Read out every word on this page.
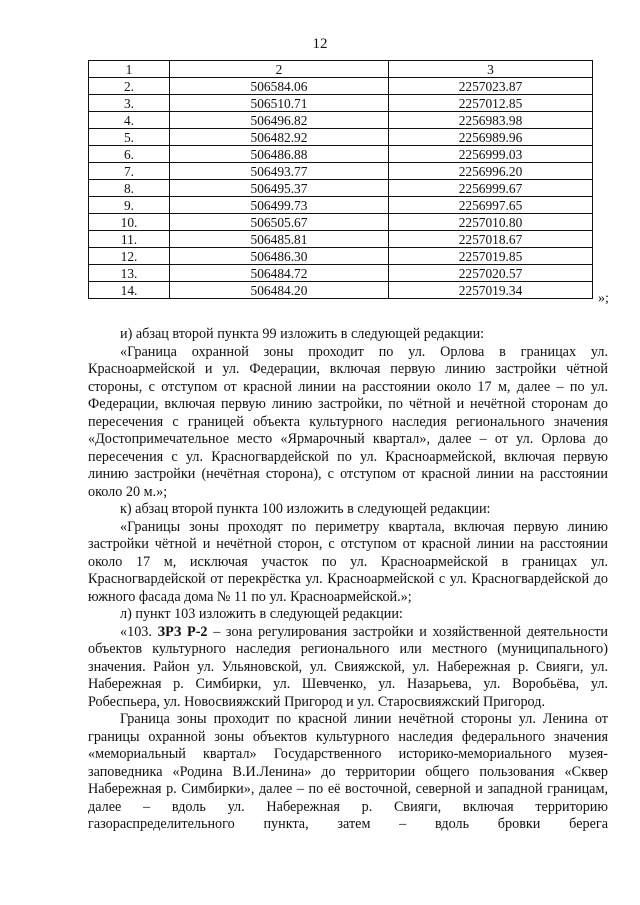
12
1	2	3
2.	506584.06	2257023.87
3.	506510.71	2257012.85
4.	506496.82	2256983.98
5.	506482.92	2256989.96
6.	506486.88	2256999.03
7.	506493.77	2256996.20
8.	506495.37	2256999.67
9.	506499.73	2256997.65
10.	506505.67	2257010.80
11.	506485.81	2257018.67
12.	506486.30	2257019.85
13.	506484.72	2257020.57
14.	506484.20	2257019.34
»;

и) абзац второй пункта 99 изложить в следующей редакции:

«Граница охранной зоны проходит по ул. Орлова в границах ул. Красноармейской и ул. Федерации, включая первую линию застройки чётной стороны, с отступом от красной линии на расстоянии около 17 м, далее – по ул. Федерации, включая первую линию застройки, по чётной и нечётной сторонам до пересечения с границей объекта культурного наследия регионального значения «Достопримечательное место «Ярмарочный квартал», далее – от ул. Орлова до пересечения с ул. Красногвардейской по ул. Красноармейской, включая первую линию застройки (нечётная сторона), с отступом от красной линии на расстоянии около 20 м.»;

к) абзац второй пункта 100 изложить в следующей редакции:

«Границы зоны проходят по периметру квартала, включая первую линию застройки чётной и нечётной сторон, с отступом от красной линии на расстоянии около 17 м, исключая участок по ул. Красноармейской в границах ул. Красногвардейской от перекрёстка ул. Красноармейской с ул. Красногвардейской до южного фасада дома № 11 по ул. Красноармейской.»;

л) пункт 103 изложить в следующей редакции:

«103. ЗРЗ Р-2 – зона регулирования застройки и хозяйственной деятельности объектов культурного наследия регионального или местного (муниципального) значения. Район ул. Ульяновской, ул. Свияжской, ул. Набережная р. Свияги, ул. Набережная р. Симбирки, ул. Шевченко, ул. Назарьева, ул. Воробьёва, ул. Робеспьера, ул. Новосвияжский Пригород и ул. Старосвияжский Пригород.

Граница зоны проходит по красной линии нечётной стороны ул. Ленина от границы охранной зоны объектов культурного наследия федерального значения «мемориальный квартал» Государственного историко-мемориального музея-заповедника «Родина В.И.Ленина» до территории общего пользования «Сквер Набережная р. Симбирки», далее – по её восточной, северной и западной границам, далее – вдоль ул. Набережная р. Свияги, включая территорию газораспределительного пункта, затем – вдоль бровки берега
